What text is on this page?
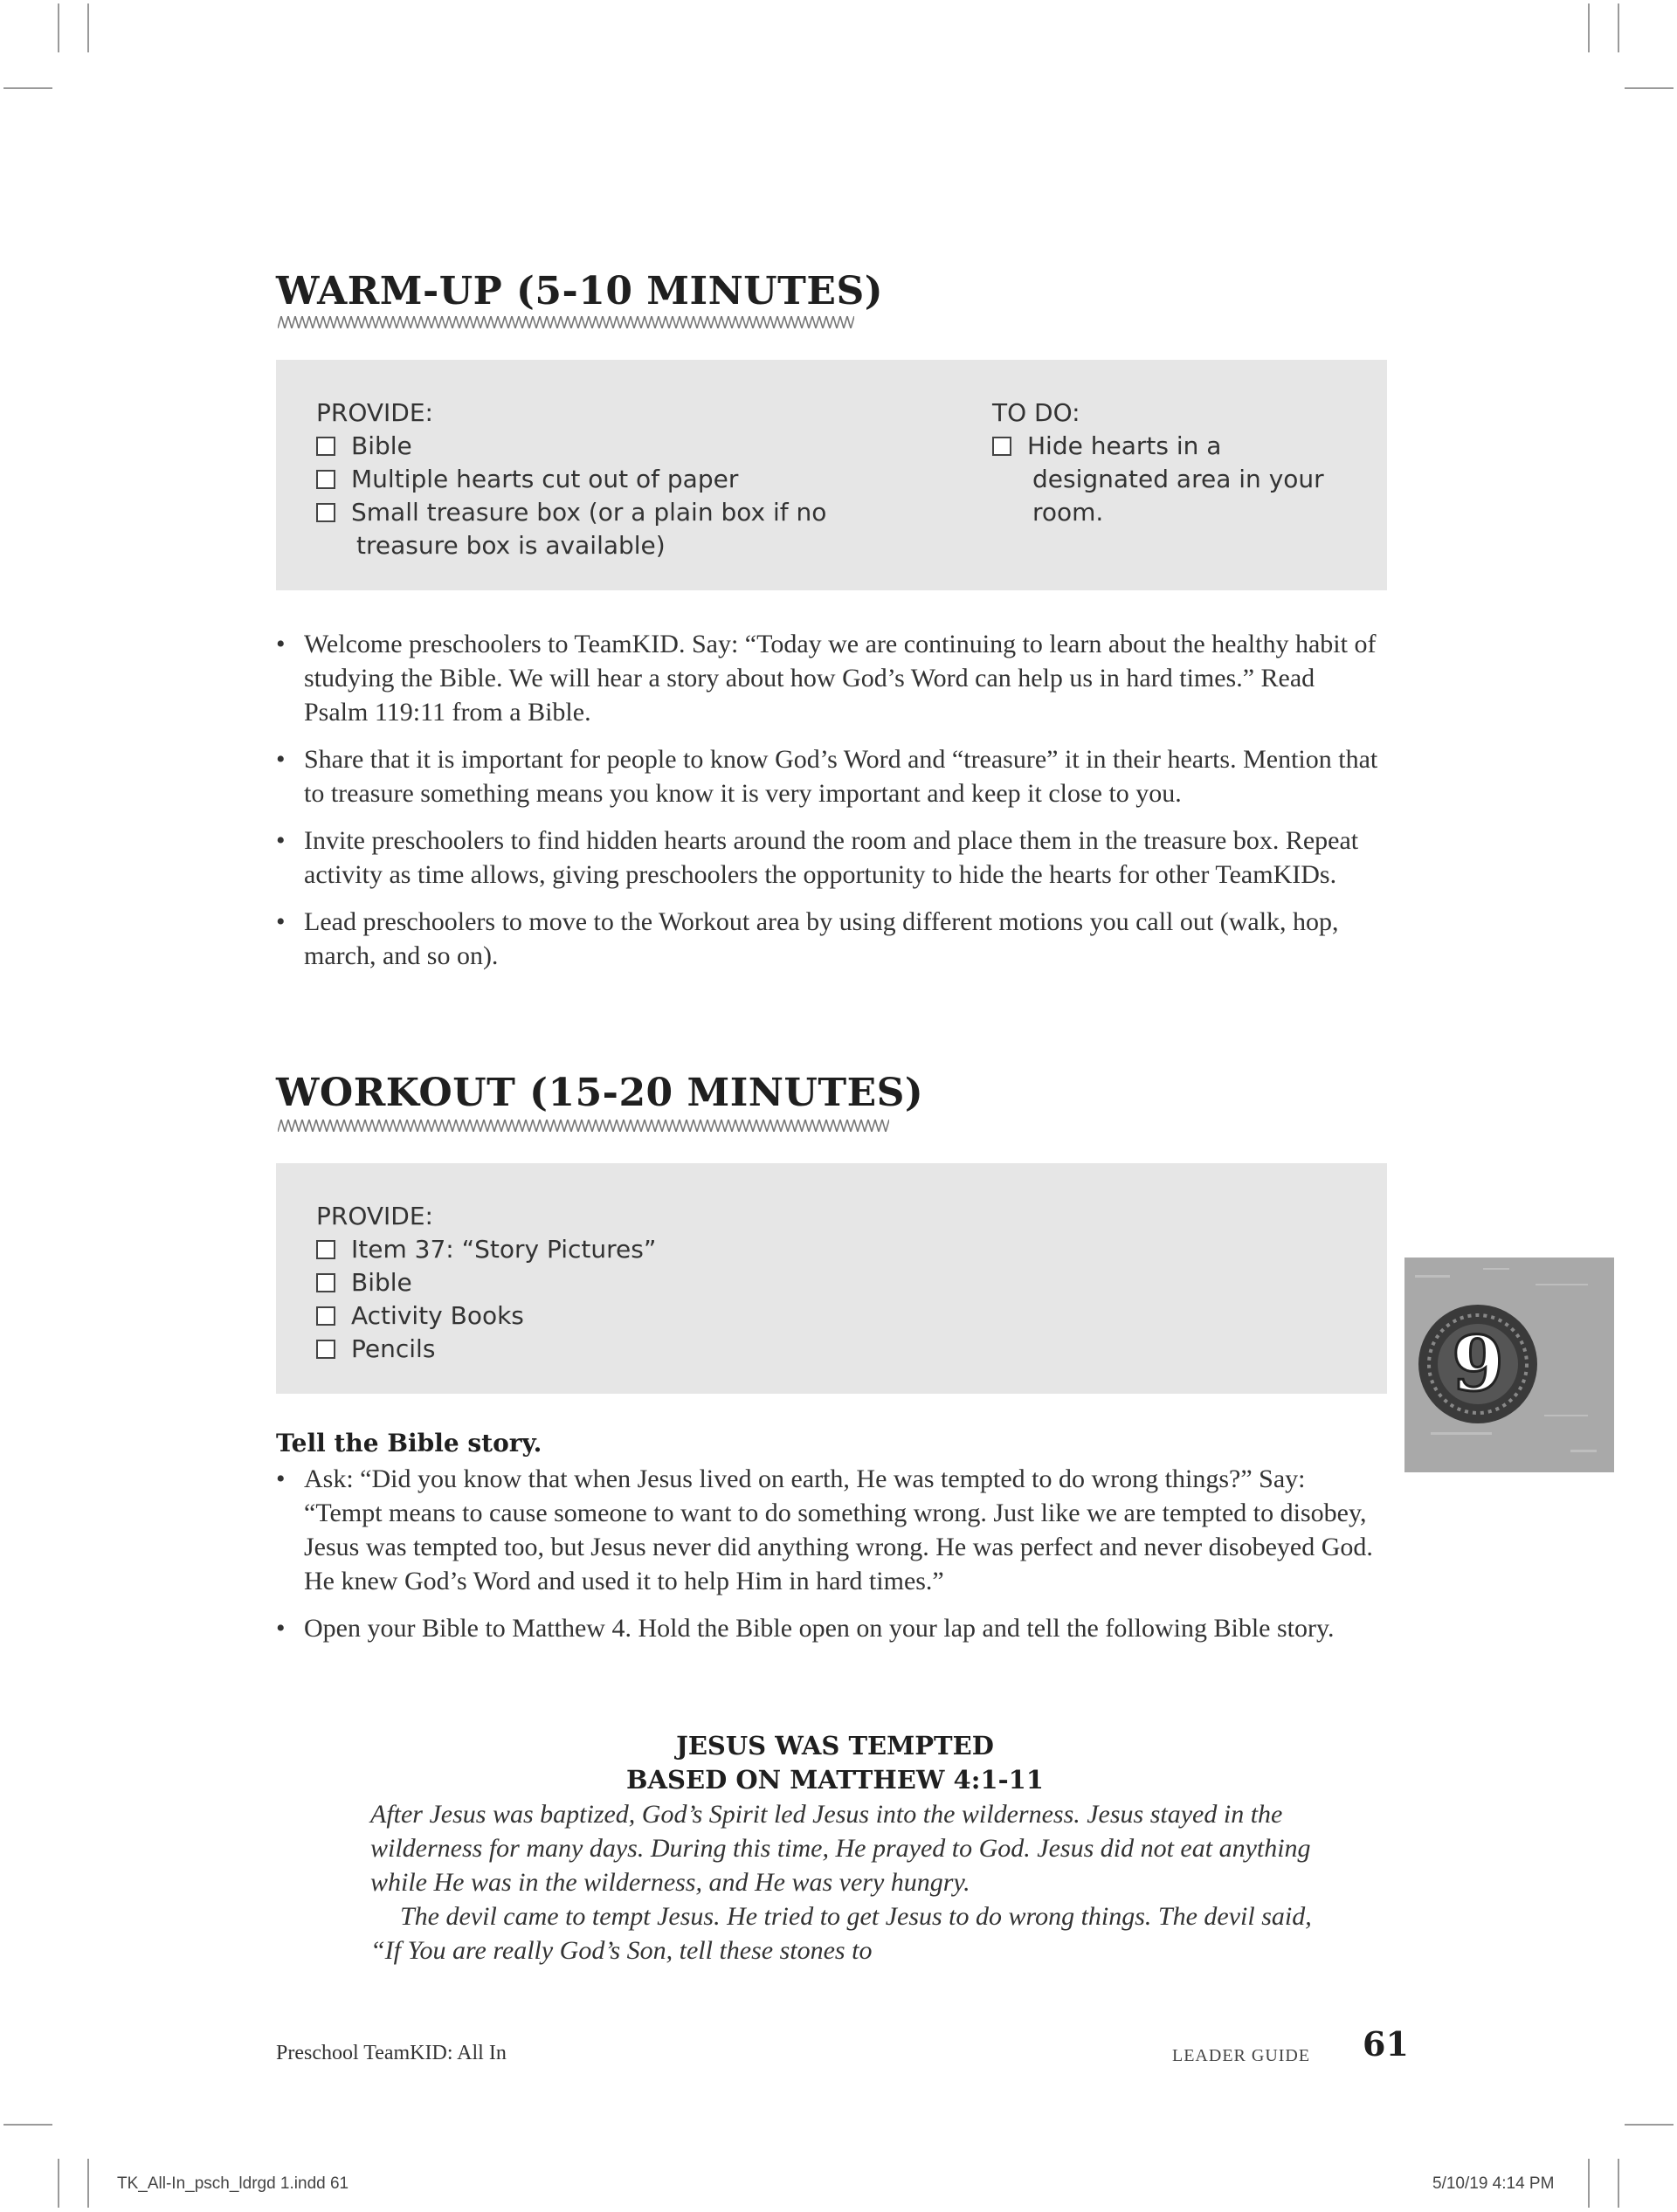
WARM-UP (5-10 MINUTES)
PROVIDE:
Bible
Multiple hearts cut out of paper
Small treasure box (or a plain box if no
treasure box is available)
TO DO:
Hide hearts in a
designated area in your
room.
• Welcome preschoolers to TeamKID. Say: “Today we are continuing to learn about the healthy habit of studying the Bible. We will hear a story about how God’s Word can help us in hard times.” Read Psalm 119:11 from a Bible.
• Share that it is important for people to know God’s Word and “treasure” it in their hearts. Mention that to treasure something means you know it is very important and keep it close to you.
• Invite preschoolers to find hidden hearts around the room and place them in the treasure box. Repeat activity as time allows, giving preschoolers the opportunity to hide the hearts for other TeamKIDs.
• Lead preschoolers to move to the Workout area by using different motions you call out (walk, hop, march, and so on).
WORKOUT (15-20 MINUTES)
PROVIDE:
Item 37: “Story Pictures”
Bible
Activity Books
Pencils	9
Tell the Bible story.
• Ask: “Did you know that when Jesus lived on earth, He was tempted to do wrong things?” Say: “Tempt means to cause someone to want to do something wrong. Just like we are tempted to disobey, Jesus was tempted too, but Jesus never did anything wrong. He was perfect and never disobeyed God. He knew God’s Word and used it to help Him in hard times.”
• Open your Bible to Matthew 4. Hold the Bible open on your lap and tell the following Bible story.

JESUS WAS TEMPTED

BASED ON MATTHEW 4:1-11

After Jesus was baptized, God’s Spirit led Jesus into the wilderness. Jesus stayed in the wilderness for many days. During this time, He prayed to God. Jesus did not eat anything while He was in the wilderness, and He was very hungry.

The devil came to tempt Jesus. He tried to get Jesus to do wrong things. The devil said, “If You are really God’s Son, tell these stones to

Preschool TeamKID: All In	LEADER GUIDE 61
TK_All-In_psch_ldrgd 1.indd 61	5/10/19 4:14 PM
